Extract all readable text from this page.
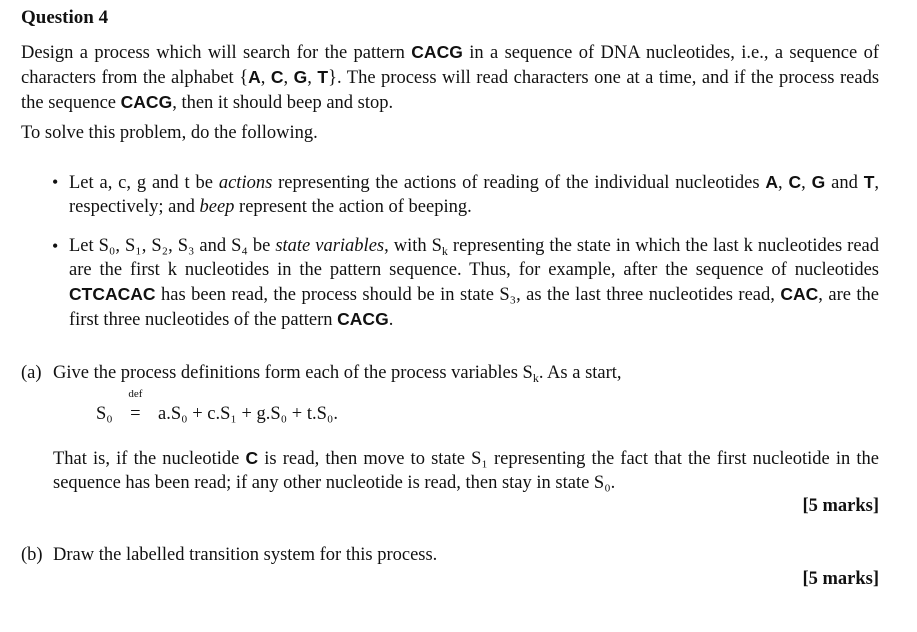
Question 4
Design a process which will search for the pattern CACG in a sequence of DNA nucleotides, i.e., a sequence of characters from the alphabet {A, C, G, T}. The process will read characters one at a time, and if the process reads the sequence CACG, then it should beep and stop.
To solve this problem, do the following.
• Let a, c, g and t be actions representing the actions of reading of the individual nucleotides A, C, G and T, respectively; and beep represent the action of beeping.
• Let S₀, S₁, S₂, S₃ and S₄ be state variables, with $S_k$ representing the state in which the last k nucleotides read are the first k nucleotides in the pattern sequence. Thus, for example, after the sequence of nucleotides CTCACAC has been read, the process should be in state S₃, as the last three nucleotides read, CAC, are the first three nucleotides of the pattern CACG.
(a) Give the process definitions form each of the process variables $S_k$. As a start,
S₀
def
= a.S₀ + c.S₁ + g.S₀ + t.S₀.
That is, if the nucleotide C is read, then move to state S₁ representing the fact that the first nucleotide in the sequence has been read; if any other nucleotide is read, then stay in state S₀.
[5 marks]
(b) Draw the labelled transition system for this process.
[5 marks]
